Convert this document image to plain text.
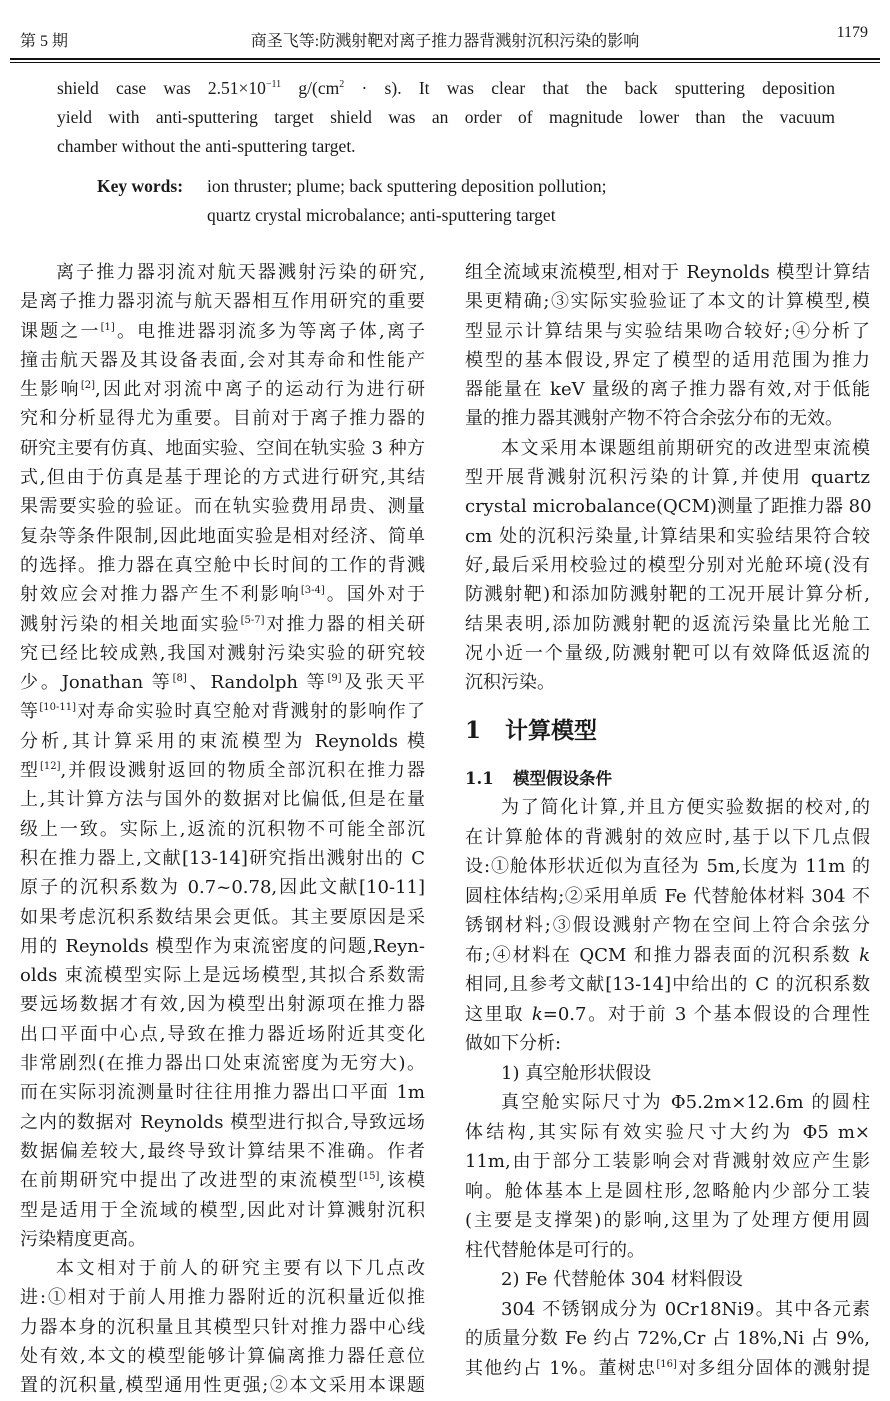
第 5 期	商圣飞等:防溅射靶对离子推力器背溅射沉积污染的影响
1179
shield case was $2.51\times 10^{-11}$ $g/(cm^2 \cdot s)$. It was clear that the back sputtering deposition
yield with anti-sputtering target shield was an order of magnitude lower than the vacuum
chamber without the anti-sputtering target.
Key words: ion thruster; plume; back sputtering deposition pollution;
quartz crystal microbalance; anti-sputtering target
离子推力器羽流对航天器溅射污染的研究,
是离子推力器羽流与航天器相互作用研究的重要
课题之一[1]。电推进器羽流多为等离子体,离子
撞击航天器及其设备表面,会对其寿命和性能产
生影响[2],因此对羽流中离子的运动行为进行研
究和分析显得尤为重要。目前对于离子推力器的
研究主要有仿真、地面实验、空间在轨实验 3 种方
式,但由于仿真是基于理论的方式进行研究,其结
果需要实验的验证。而在轨实验费用昂贵、测量
复杂等条件限制,因此地面实验是相对经济、简单
的选择。推力器在真空舱中长时间的工作的背溅
射效应会对推力器产生不利影响[3-4]。国外对于
溅射污染的相关地面实验[5-7]对推力器的相关研
究已经比较成熟,我国对溅射污染实验的研究较
少。Jonathan 等[8]、Randolph 等[9]及张天平
等[10-11]对寿命实验时真空舱对背溅射的影响作了
分析,其计算采用的束流模型为 Reynolds 模
型[12],并假设溅射返回的物质全部沉积在推力器
上,其计算方法与国外的数据对比偏低,但是在量
级上一致。实际上,返流的沉积物不可能全部沉
积在推力器上,文献[13-14]研究指出溅射出的 C
原子的沉积系数为 0.7~0.78,因此文献[10-11]
如果考虑沉积系数结果会更低。其主要原因是采
用的 Reynolds 模型作为束流密度的问题,Reyn-
olds 束流模型实际上是远场模型,其拟合系数需
要远场数据才有效,因为模型出射源项在推力器
出口平面中心点,导致在推力器近场附近其变化
非常剧烈(在推力器出口处束流密度为无穷大)。
而在实际羽流测量时往往用推力器出口平面 1m
之内的数据对 Reynolds 模型进行拟合,导致远场
数据偏差较大,最终导致计算结果不准确。作者
在前期研究中提出了改进型的束流模型[15],该模
型是适用于全流域的模型,因此对计算溅射沉积
污染精度更高。
本文相对于前人的研究主要有以下几点改
进:①相对于前人用推力器附近的沉积量近似推
力器本身的沉积量且其模型只针对推力器中心线
处有效,本文的模型能够计算偏离推力器任意位
置的沉积量,模型通用性更强;②本文采用本课题
组全流域束流模型,相对于 Reynolds 模型计算结
果更精确;③实际实验验证了本文的计算模型,模
型显示计算结果与实验结果吻合较好;④分析了
模型的基本假设,界定了模型的适用范围为推力
器能量在 keV 量级的离子推力器有效,对于低能
量的推力器其溅射产物不符合余弦分布的无效。
本文采用本课题组前期研究的改进型束流模
型开展背溅射沉积污染的计算,并使用 quartz
crystal microbalance(QCM)测量了距推力器 80
cm 处的沉积污染量,计算结果和实验结果符合较
好,最后采用校验过的模型分别对光舱环境(没有
防溅射靶)和添加防溅射靶的工况开展计算分析,
结果表明,添加防溅射靶的返流污染量比光舱工
况小近一个量级,防溅射靶可以有效降低返流的
沉积污染。
1 计算模型
1.1 模型假设条件
为了简化计算,并且方便实验数据的校对,的
在计算舱体的背溅射的效应时,基于以下几点假
设:①舱体形状近似为直径为 5m,长度为 11m 的
圆柱体结构;②采用单质 Fe 代替舱体材料 304 不
锈钢材料;③假设溅射产物在空间上符合余弦分
布;④材料在 QCM 和推力器表面的沉积系数 k
相同,且参考文献[13-14]中给出的 C 的沉积系数
这里取 k=0.7。对于前 3 个基本假设的合理性
做如下分析:
1) 真空舱形状假设
真空舱实际尺寸为 Φ5.2m×12.6m 的圆柱
体结构,其实际有效实验尺寸大约为 Φ5 m×
11m,由于部分工装影响会对背溅射效应产生影
响。舱体基本上是圆柱形,忽略舱内少部分工装
(主要是支撑架)的影响,这里为了处理方便用圆
柱代替舱体是可行的。
2) Fe 代替舱体 304 材料假设
304 不锈钢成分为 0Cr18Ni9。其中各元素
的质量分数 Fe 约占 72%,Cr 占 18%,Ni 占 9%,
其他约占 1%。董树忠[16]对多组分固体的溅射提
